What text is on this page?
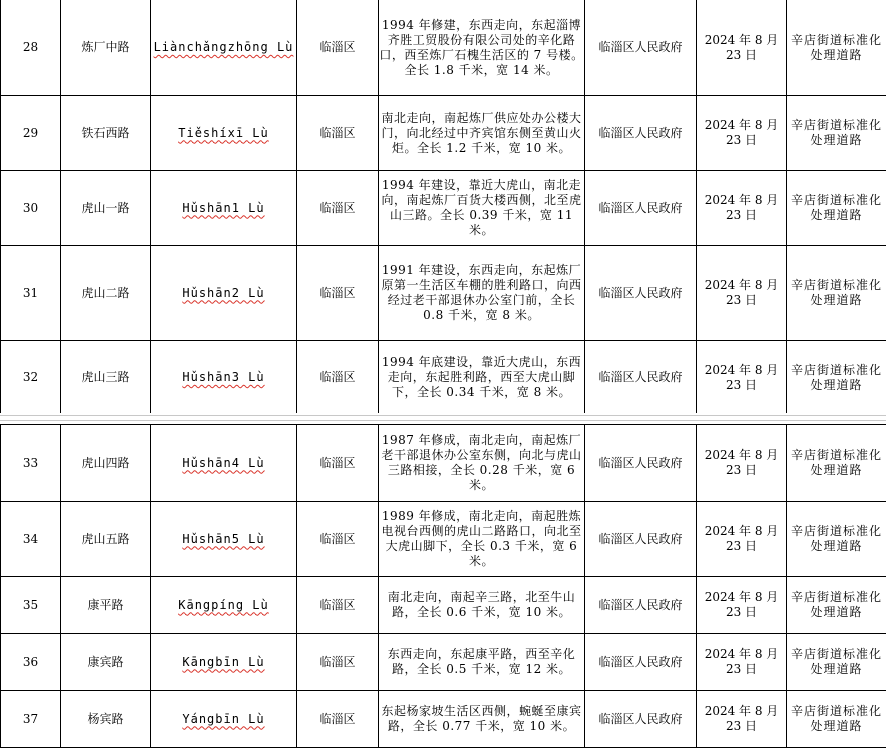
28	炼厂中路	Liànchǎngzhōng Lù	临淄区	1994 年修建，东西走向，东起淄博齐胜工贸股份有限公司处的辛化路口，西至炼厂石槐生活区的 7 号楼。全长 1.8 千米，宽 14 米。	临淄区人民政府	2024 年 8 月 23 日	辛店街道标准化处理道路
29	铁石西路	Tiěshíxī Lù	临淄区	南北走向，南起炼厂供应处办公楼大门，向北经过中齐宾馆东侧至黄山火炬。全长 1.2 千米，宽 10 米。	临淄区人民政府	2024 年 8 月 23 日	辛店街道标准化处理道路
30	虎山一路	Hǔshān1 Lù	临淄区	1994 年建设，靠近大虎山，南北走向，南起炼厂百货大楼西侧，北至虎山三路。全长 0.39 千米，宽 11 米。	临淄区人民政府	2024 年 8 月 23 日	辛店街道标准化处理道路
31	虎山二路	Hǔshān2 Lù	临淄区	1991 年建设，东西走向，东起炼厂原第一生活区车棚的胜利路口，向西经过老干部退休办公室门前，全长 0.8 千米，宽 8 米。	临淄区人民政府	2024 年 8 月 23 日	辛店街道标准化处理道路
32	虎山三路	Hǔshān3 Lù	临淄区	1994 年底建设，靠近大虎山，东西走向，东起胜利路，西至大虎山脚下，全长 0.34 千米，宽 8 米。	临淄区人民政府	2024 年 8 月 23 日	辛店街道标准化处理道路
33	虎山四路	Hǔshān4 Lù	临淄区	1987 年修成，南北走向，南起炼厂老干部退休办公室东侧，向北与虎山三路相接，全长 0.28 千米，宽 6 米。	临淄区人民政府	2024 年 8 月 23 日	辛店街道标准化处理道路
34	虎山五路	Hǔshān5 Lù	临淄区	1989 年修成，南北走向，南起胜炼电视台西侧的虎山二路路口，向北至大虎山脚下，全长 0.3 千米，宽 6 米。	临淄区人民政府	2024 年 8 月 23 日	辛店街道标准化处理道路
35	康平路	Kāngpíng Lù	临淄区	南北走向，南起辛三路，北至牛山路，全长 0.6 千米，宽 10 米。	临淄区人民政府	2024 年 8 月 23 日	辛店街道标准化处理道路
36	康宾路	Kāngbīn Lù	临淄区	东西走向，东起康平路，西至辛化路，全长 0.5 千米，宽 12 米。	临淄区人民政府	2024 年 8 月 23 日	辛店街道标准化处理道路
37	杨宾路	Yángbīn Lù	临淄区	东起杨家坡生活区西侧，蜿蜒至康宾路，全长 0.77 千米，宽 10 米。	临淄区人民政府	2024 年 8 月 23 日	辛店街道标准化处理道路
